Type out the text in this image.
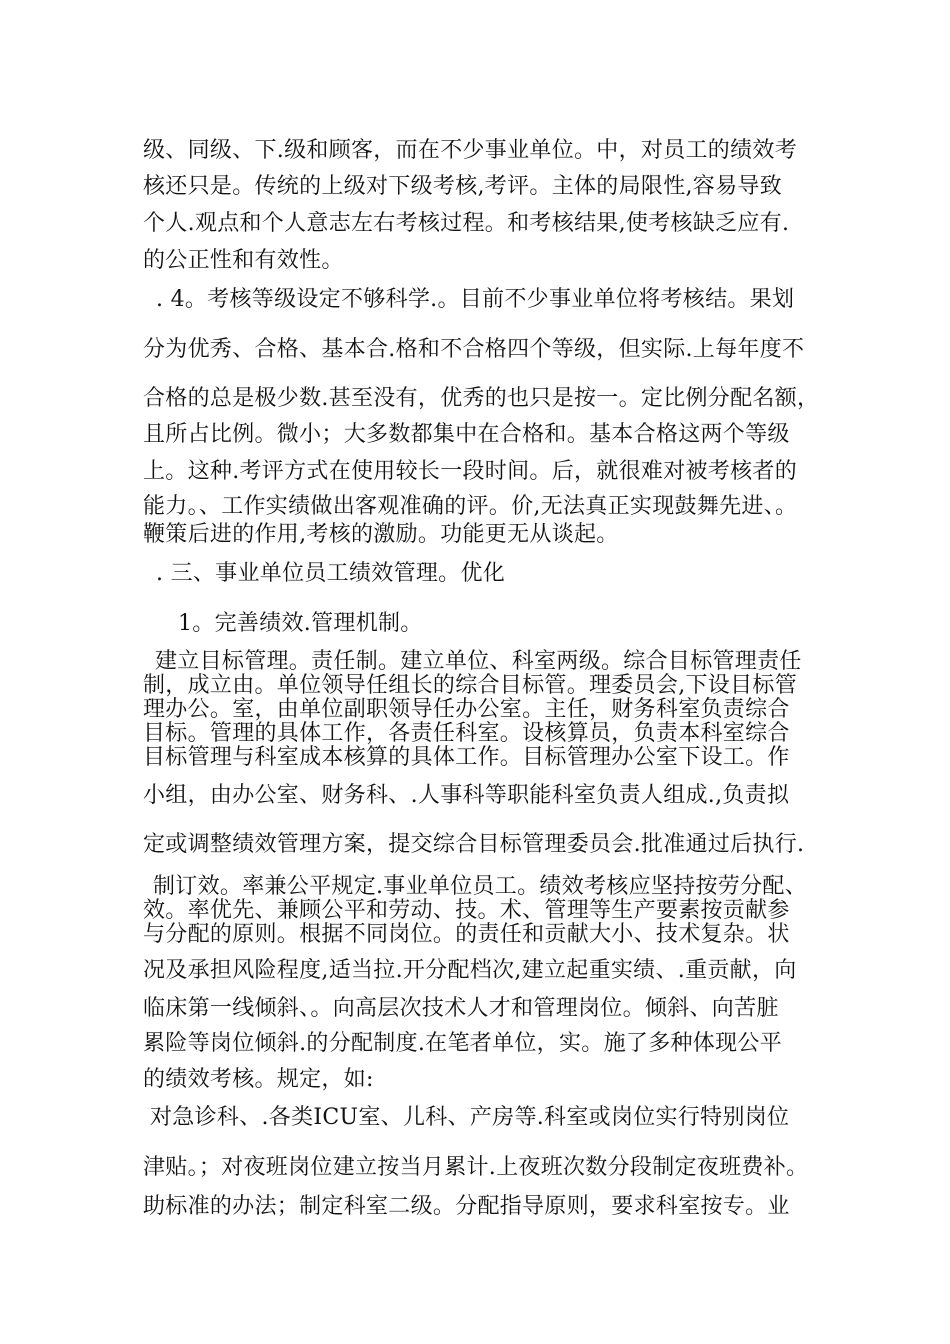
级、同级、下.级和顾客，而在不少事业单位。中，对员工的绩效考
核还只是。传统的上级对下级考核,考评。主体的局限性,容易导致
个人.观点和个人意志左右考核过程。和考核结果,使考核缺乏应有.
的公正性和有效性。
. 4。考核等级设定不够科学.。目前不少事业单位将考核结。果划
分为优秀、合格、基本合.格和不合格四个等级，但实际.上每年度不
合格的总是极少数.甚至没有，优秀的也只是按一。定比例分配名额，
且所占比例。微小；大多数都集中在合格和。基本合格这两个等级
上。这种.考评方式在使用较长一段时间。后，就很难对被考核者的
能力。、工作实绩做出客观准确的评。价,无法真正实现鼓舞先进、。
鞭策后进的作用,考核的激励。功能更无从谈起。
. 三、事业单位员工绩效管理。优化
1。完善绩效.管理机制。
建立目标管理。责任制。建立单位、科室两级。综合目标管理责任
制，成立由。单位领导任组长的综合目标管。理委员会,下设目标管
理办公。室，由单位副职领导任办公室。主任，财务科室负责综合
目标。管理的具体工作，各责任科室。设核算员，负责本科室综合
目标管理与科室成本核算的具体工作。目标管理办公室下设工。作
小组，由办公室、财务科、.人事科等职能科室负责人组成.,负责拟
定或调整绩效管理方案，提交综合目标管理委员会.批准通过后执行.
制订效。率兼公平规定.事业单位员工。绩效考核应坚持按劳分配、
效。率优先、兼顾公平和劳动、技。术、管理等生产要素按贡献参
与分配的原则。根据不同岗位。的责任和贡献大小、技术复杂。状
况及承担风险程度,适当拉.开分配档次,建立起重实绩、.重贡献，向
临床第一线倾斜、。向高层次技术人才和管理岗位。倾斜、向苦脏
累险等岗位倾斜.的分配制度.在笔者单位，实。施了多种体现公平
的绩效考核。规定，如:
对急诊科、.各类ICU室、儿科、产房等.科室或岗位实行特别岗位
津贴。；对夜班岗位建立按当月累计.上夜班次数分段制定夜班费补。
助标准的办法；制定科室二级。分配指导原则，要求科室按专。业
